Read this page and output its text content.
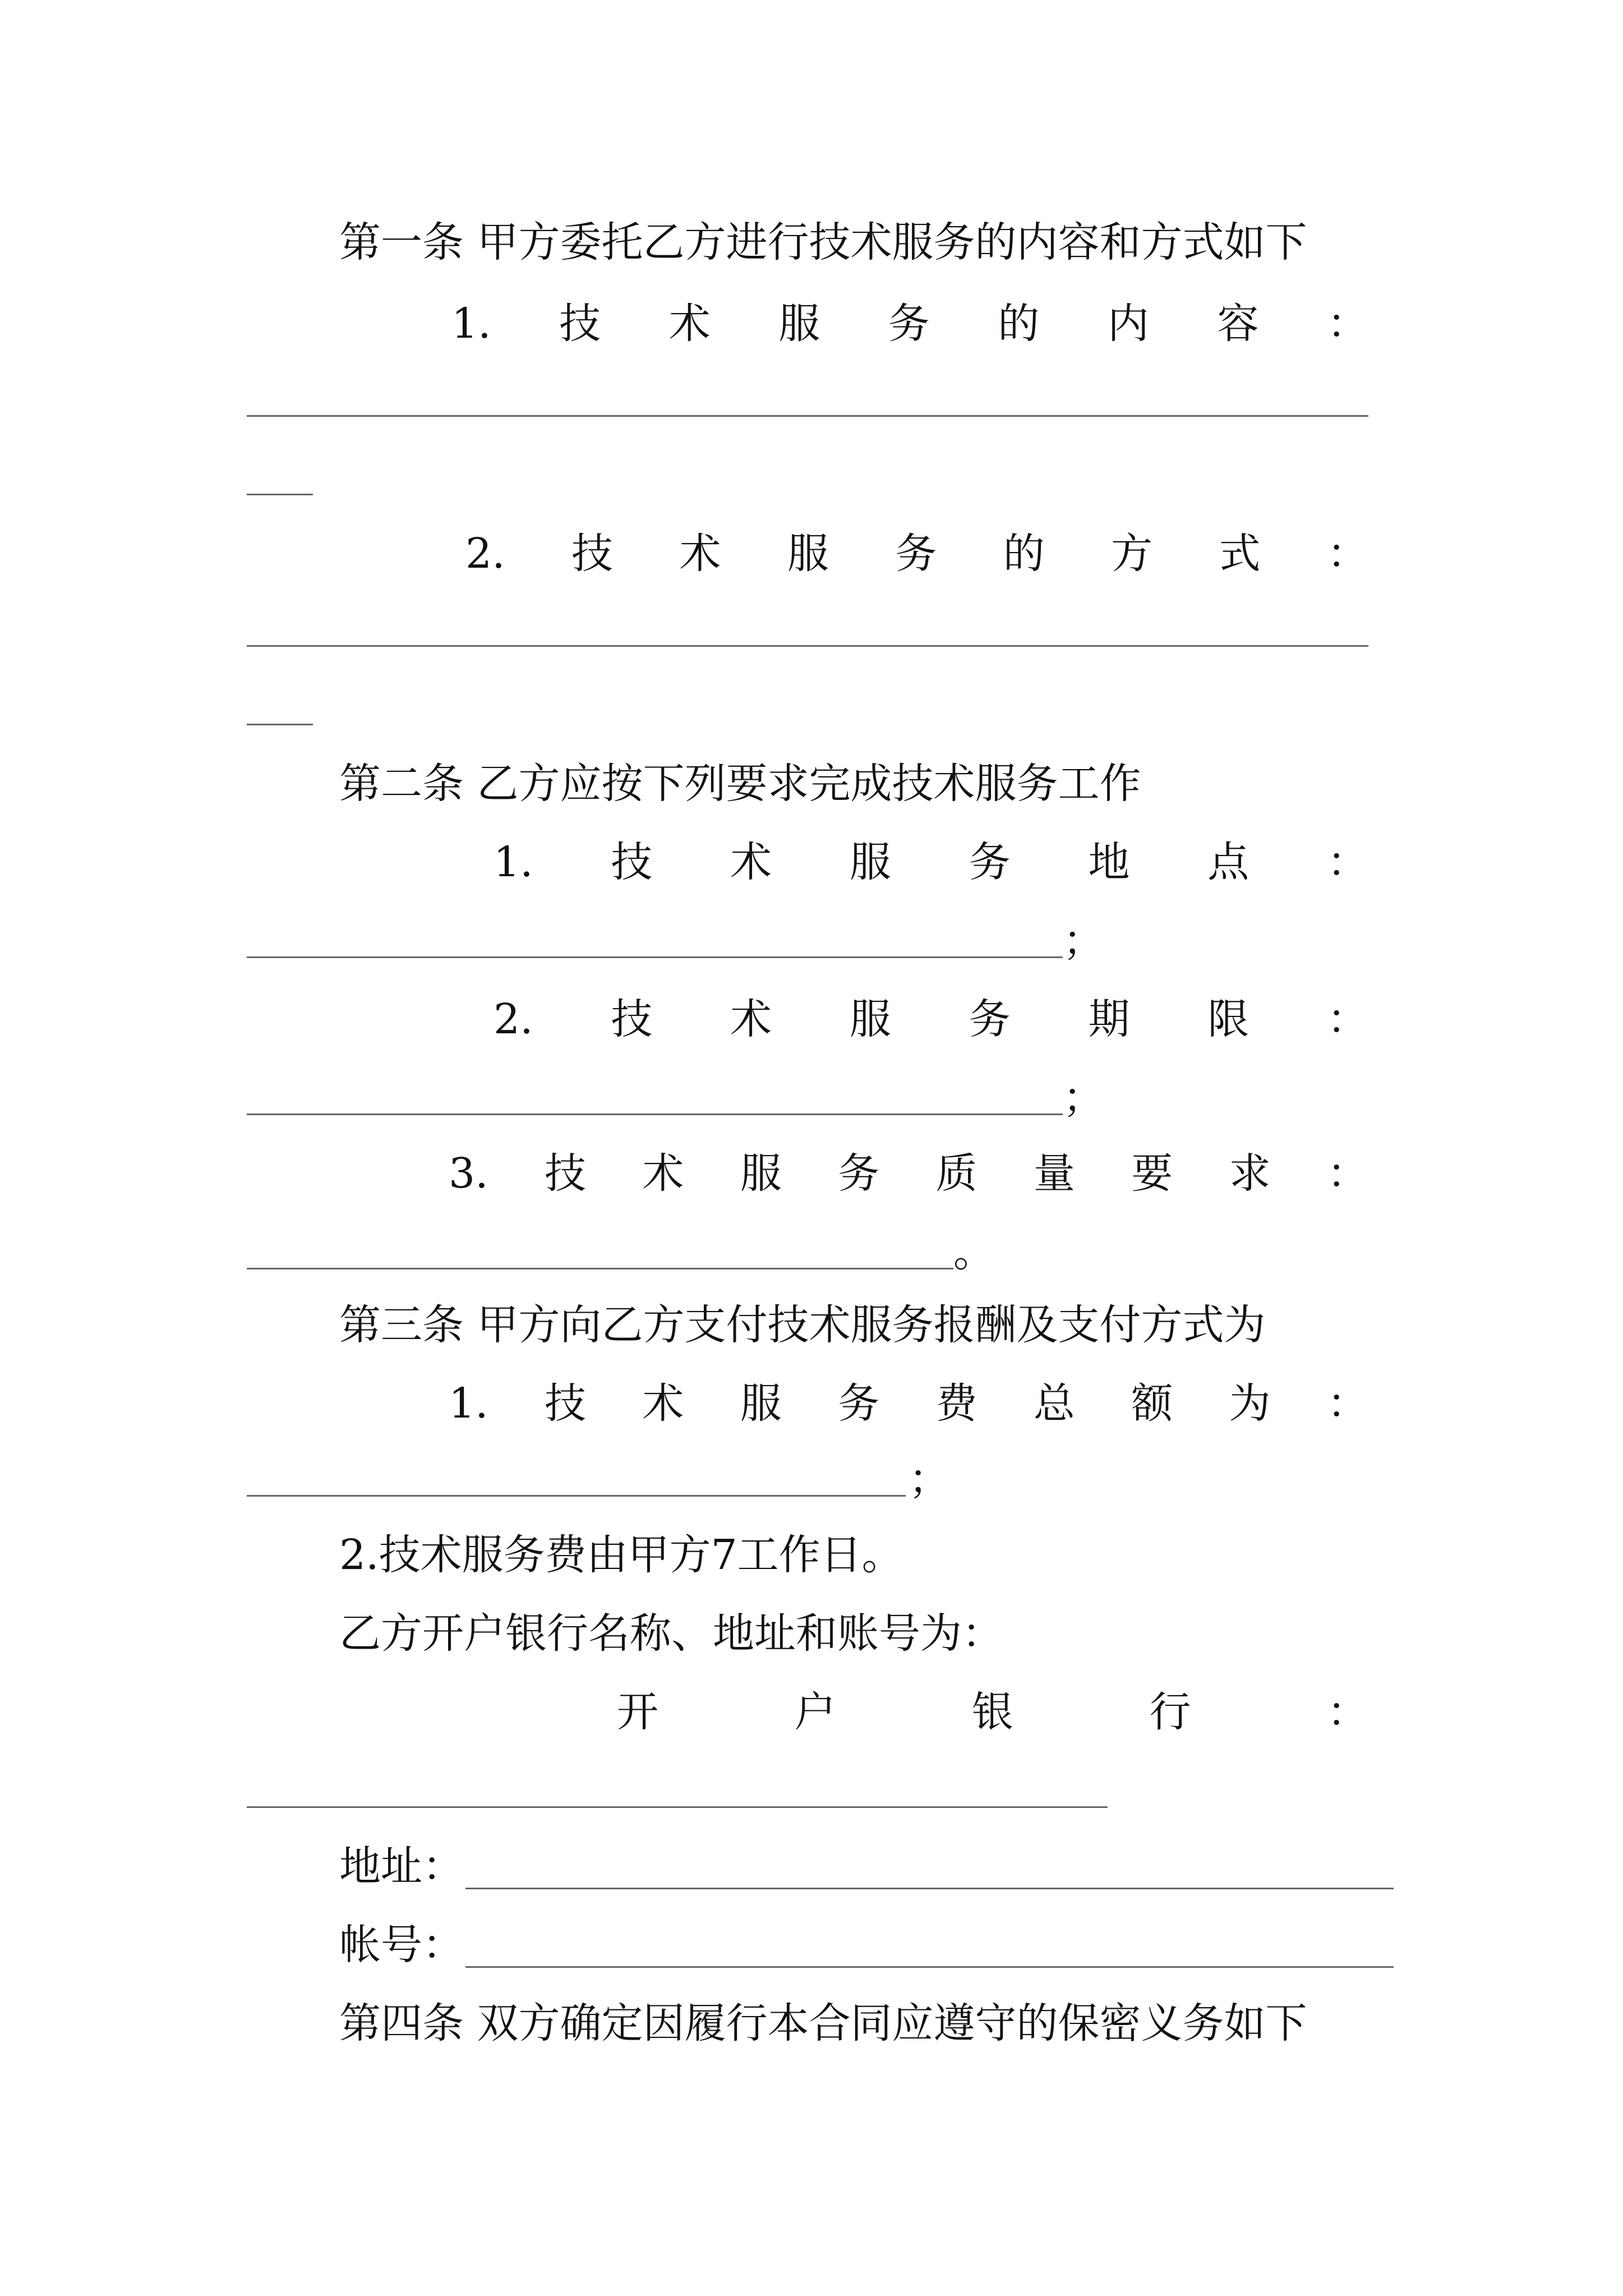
第一条 甲方委托乙方进行技术服务的内容和方式如下
1. 技 术 服 务 的 内 容 ：
2. 技 术 服 务 的 方 式 ：
第二条 乙方应按下列要求完成技术服务工作
1. 技 术 服 务 地 点 ：
；
2. 技 术 服 务 期 限 ：
；
3. 技 术 服 务 质 量 要 求 ：
。
第三条 甲方向乙方支付技术服务报酬及支付方式为
1. 技 术 服 务 费 总 额 为 ：
；
2.技术服务费由甲方7工作日。
乙方开户银行名称、地址和账号为：
开	户	银	行	：
地址：
帐号：
第四条 双方确定因履行本合同应遵守的保密义务如下
